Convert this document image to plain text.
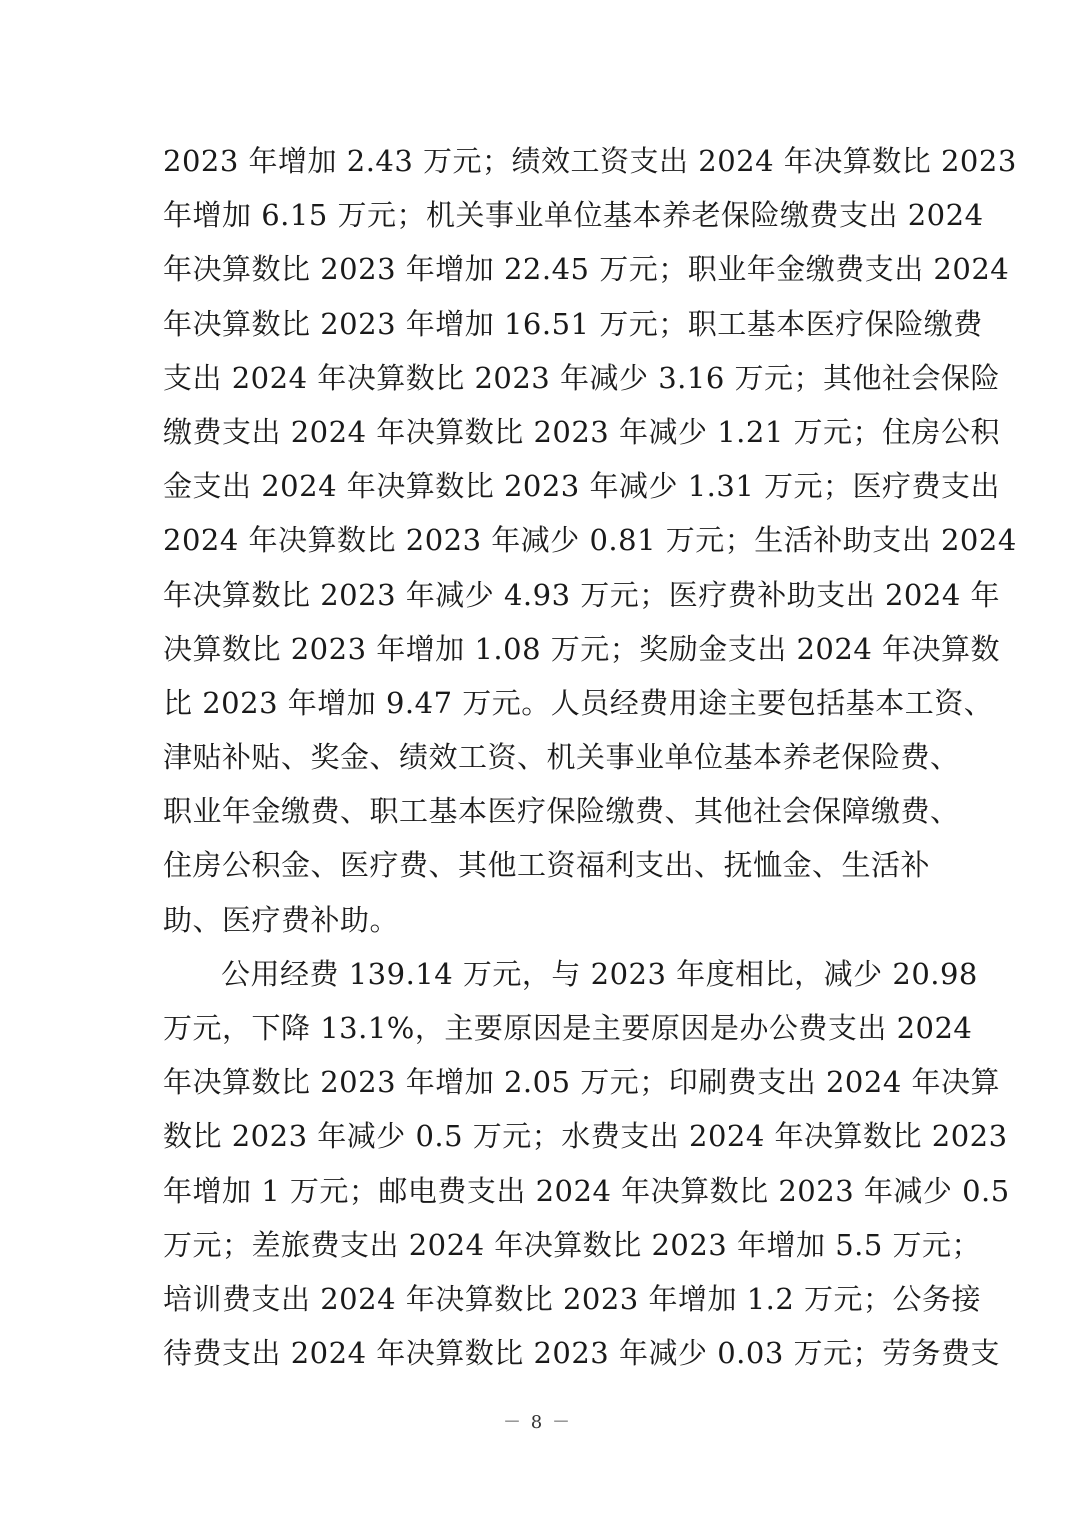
2023 年增加 2.43 万元；绩效工资支出 2024 年决算数比 2023
年增加 6.15 万元；机关事业单位基本养老保险缴费支出 2024
年决算数比 2023 年增加 22.45 万元；职业年金缴费支出 2024
年决算数比 2023 年增加 16.51 万元；职工基本医疗保险缴费
支出 2024 年决算数比 2023 年减少 3.16 万元；其他社会保险
缴费支出 2024 年决算数比 2023 年减少 1.21 万元；住房公积
金支出 2024 年决算数比 2023 年减少 1.31 万元；医疗费支出
2024 年决算数比 2023 年减少 0.81 万元；生活补助支出 2024
年决算数比 2023 年减少 4.93 万元；医疗费补助支出 2024 年
决算数比 2023 年增加 1.08 万元；奖励金支出 2024 年决算数
比 2023 年增加 9.47 万元。人员经费用途主要包括基本工资、
津贴补贴、奖金、绩效工资、机关事业单位基本养老保险费、
职业年金缴费、职工基本医疗保险缴费、其他社会保障缴费、
住房公积金、医疗费、其他工资福利支出、抚恤金、生活补
助、医疗费补助。
公用经费 139.14 万元，与 2023 年度相比，减少 20.98
万元，下降 13.1%，主要原因是主要原因是办公费支出 2024
年决算数比 2023 年增加 2.05 万元；印刷费支出 2024 年决算
数比 2023 年减少 0.5 万元；水费支出 2024 年决算数比 2023
年增加 1 万元；邮电费支出 2024 年决算数比 2023 年减少 0.5
万元；差旅费支出 2024 年决算数比 2023 年增加 5.5 万元；
培训费支出 2024 年决算数比 2023 年增加 1.2 万元；公务接
待费支出 2024 年决算数比 2023 年减少 0.03 万元；劳务费支
－ 8 －
